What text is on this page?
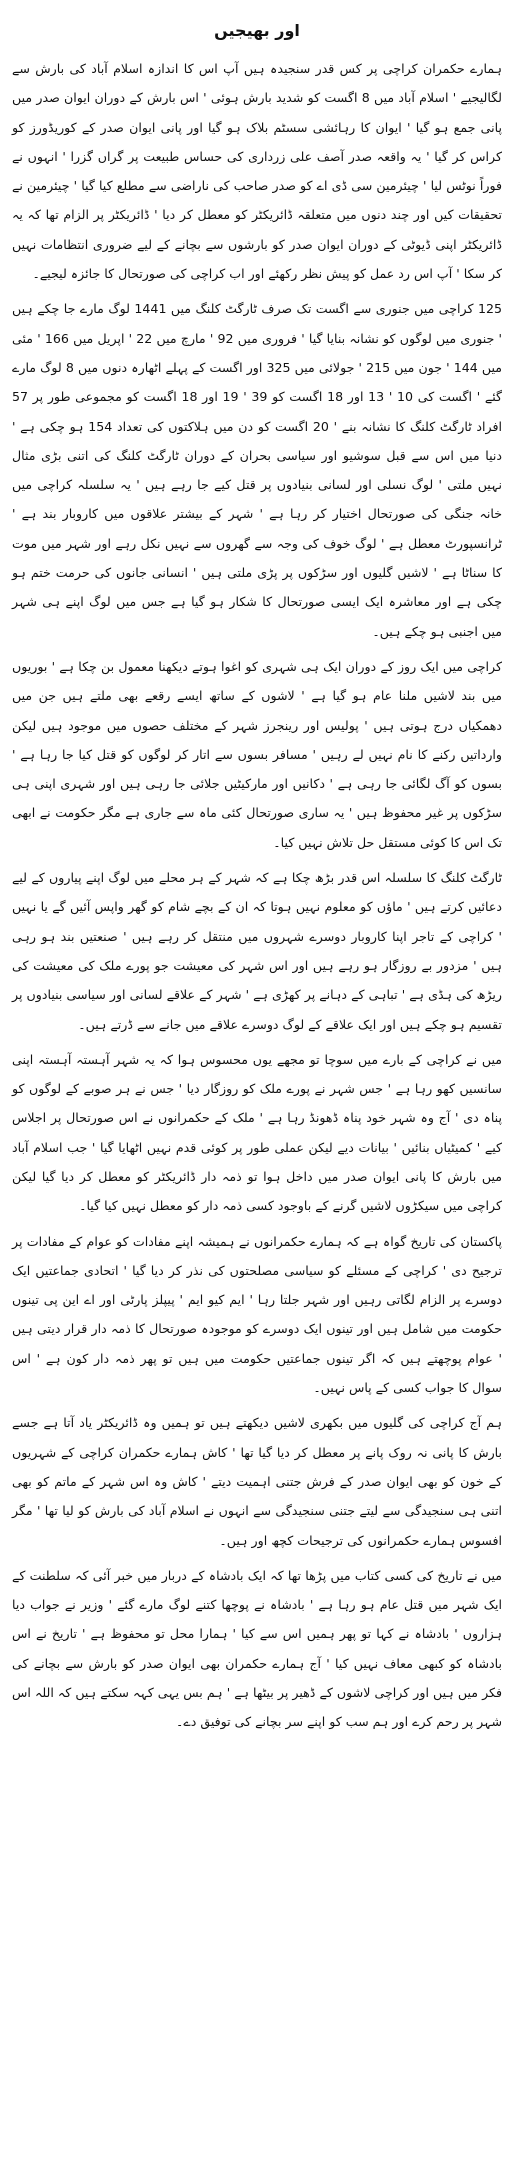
اور بھیجیں

ہمارے حکمران کراچی پر کس قدر سنجیدہ ہیں آپ اس کا اندازہ اسلام آباد کی بارش سے لگالیجیے ' اسلام آباد میں 8 اگست کو شدید بارش ہوئی ' اس بارش کے دوران ایوان صدر میں پانی جمع ہو گیا ' ایوان کا رہائشی سسٹم بلاک ہو گیا اور پانی ایوان صدر کے کوریڈورز کو کراس کر گیا ' یہ واقعہ صدر آصف علی زرداری کی حساس طبیعت پر گراں گزرا ' انہوں نے فوراً نوٹس لیا ' چیئرمین سی ڈی اے کو صدر صاحب کی ناراضی سے مطلع کیا گیا ' چیئرمین نے تحقیقات کیں اور چند دنوں میں متعلقہ ڈائریکٹر کو معطل کر دیا ' ڈائریکٹر پر الزام تھا کہ یہ ڈائریکٹر اپنی ڈیوٹی کے دوران ایوان صدر کو بارشوں سے بچانے کے لیے ضروری انتظامات نہیں کر سکا ' آپ اس رد عمل کو پیش نظر رکھئے اور اب کراچی کی صورتحال کا جائزہ لیجیے۔

125 کراچی میں جنوری سے اگست تک صرف ٹارگٹ کلنگ میں 1441 لوگ مارے جا چکے ہیں ' جنوری میں لوگوں کو نشانہ بنایا گیا ' فروری میں 92 ' مارچ میں 22 ' اپریل میں 166 ' مئی میں 144 ' جون میں 215 ' جولائی میں 325 اور اگست کے پہلے اٹھارہ دنوں میں 8 لوگ مارے گئے ' اگست کی 10 ' 13 اور 18 اگست کو 39 ' 19 اور 18 اگست کو مجموعی طور پر 57 افراد ٹارگٹ کلنگ کا نشانہ بنے ' 20 اگست کو دن میں ہلاکتوں کی تعداد 154 ہو چکی ہے ' دنیا میں اس سے قبل سوشیو اور سیاسی بحران کے دوران ٹارگٹ کلنگ کی اتنی بڑی مثال نہیں ملتی ' لوگ نسلی اور لسانی بنیادوں پر قتل کیے جا رہے ہیں ' یہ سلسلہ کراچی میں خانہ جنگی کی صورتحال اختیار کر رہا ہے ' شہر کے بیشتر علاقوں میں کاروبار بند ہے ' ٹرانسپورٹ معطل ہے ' لوگ خوف کی وجہ سے گھروں سے نہیں نکل رہے اور شہر میں موت کا سناٹا ہے ' لاشیں گلیوں اور سڑکوں پر پڑی ملتی ہیں ' انسانی جانوں کی حرمت ختم ہو چکی ہے اور معاشرہ ایک ایسی صورتحال کا شکار ہو گیا ہے جس میں لوگ اپنے ہی شہر میں اجنبی ہو چکے ہیں۔

کراچی میں ایک روز کے دوران ایک ہی شہری کو اغوا ہوتے دیکھنا معمول بن چکا ہے ' بوریوں میں بند لاشیں ملنا عام ہو گیا ہے ' لاشوں کے ساتھ ایسے رقعے بھی ملتے ہیں جن میں دھمکیاں درج ہوتی ہیں ' پولیس اور رینجرز شہر کے مختلف حصوں میں موجود ہیں لیکن وارداتیں رکنے کا نام نہیں لے رہیں ' مسافر بسوں سے اتار کر لوگوں کو قتل کیا جا رہا ہے ' بسوں کو آگ لگائی جا رہی ہے ' دکانیں اور مارکیٹیں جلائی جا رہی ہیں اور شہری اپنی ہی سڑکوں پر غیر محفوظ ہیں ' یہ ساری صورتحال کئی ماہ سے جاری ہے مگر حکومت نے ابھی تک اس کا کوئی مستقل حل تلاش نہیں کیا۔

ٹارگٹ کلنگ کا سلسلہ اس قدر بڑھ چکا ہے کہ شہر کے ہر محلے میں لوگ اپنے پیاروں کے لیے دعائیں کرتے ہیں ' ماؤں کو معلوم نہیں ہوتا کہ ان کے بچے شام کو گھر واپس آئیں گے یا نہیں ' کراچی کے تاجر اپنا کاروبار دوسرے شہروں میں منتقل کر رہے ہیں ' صنعتیں بند ہو رہی ہیں ' مزدور بے روزگار ہو رہے ہیں اور اس شہر کی معیشت جو پورے ملک کی معیشت کی ریڑھ کی ہڈی ہے ' تباہی کے دہانے پر کھڑی ہے ' شہر کے علاقے لسانی اور سیاسی بنیادوں پر تقسیم ہو چکے ہیں اور ایک علاقے کے لوگ دوسرے علاقے میں جانے سے ڈرتے ہیں۔

میں نے کراچی کے بارے میں سوچا تو مجھے یوں محسوس ہوا کہ یہ شہر آہستہ آہستہ اپنی سانسیں کھو رہا ہے ' جس شہر نے پورے ملک کو روزگار دیا ' جس نے ہر صوبے کے لوگوں کو پناہ دی ' آج وہ شہر خود پناہ ڈھونڈ رہا ہے ' ملک کے حکمرانوں نے اس صورتحال پر اجلاس کیے ' کمیٹیاں بنائیں ' بیانات دیے لیکن عملی طور پر کوئی قدم نہیں اٹھایا گیا ' جب اسلام آباد میں بارش کا پانی ایوان صدر میں داخل ہوا تو ذمہ دار ڈائریکٹر کو معطل کر دیا گیا لیکن کراچی میں سیکڑوں لاشیں گرنے کے باوجود کسی ذمہ دار کو معطل نہیں کیا گیا۔

پاکستان کی تاریخ گواہ ہے کہ ہمارے حکمرانوں نے ہمیشہ اپنے مفادات کو عوام کے مفادات پر ترجیح دی ' کراچی کے مسئلے کو سیاسی مصلحتوں کی نذر کر دیا گیا ' اتحادی جماعتیں ایک دوسرے پر الزام لگاتی رہیں اور شہر جلتا رہا ' ایم کیو ایم ' پیپلز پارٹی اور اے این پی تینوں حکومت میں شامل ہیں اور تینوں ایک دوسرے کو موجودہ صورتحال کا ذمہ دار قرار دیتی ہیں ' عوام پوچھتے ہیں کہ اگر تینوں جماعتیں حکومت میں ہیں تو پھر ذمہ دار کون ہے ' اس سوال کا جواب کسی کے پاس نہیں۔

ہم آج کراچی کی گلیوں میں بکھری لاشیں دیکھتے ہیں تو ہمیں وہ ڈائریکٹر یاد آتا ہے جسے بارش کا پانی نہ روک پانے پر معطل کر دیا گیا تھا ' کاش ہمارے حکمران کراچی کے شہریوں کے خون کو بھی ایوان صدر کے فرش جتنی اہمیت دیتے ' کاش وہ اس شہر کے ماتم کو بھی اتنی ہی سنجیدگی سے لیتے جتنی سنجیدگی سے انہوں نے اسلام آباد کی بارش کو لیا تھا ' مگر افسوس ہمارے حکمرانوں کی ترجیحات کچھ اور ہیں۔

میں نے تاریخ کی کسی کتاب میں پڑھا تھا کہ ایک بادشاہ کے دربار میں خبر آئی کہ سلطنت کے ایک شہر میں قتل عام ہو رہا ہے ' بادشاہ نے پوچھا کتنے لوگ مارے گئے ' وزیر نے جواب دیا ہزاروں ' بادشاہ نے کہا تو پھر ہمیں اس سے کیا ' ہمارا محل تو محفوظ ہے ' تاریخ نے اس بادشاہ کو کبھی معاف نہیں کیا ' آج ہمارے حکمران بھی ایوان صدر کو بارش سے بچانے کی فکر میں ہیں اور کراچی لاشوں کے ڈھیر پر بیٹھا ہے ' ہم بس یہی کہہ سکتے ہیں کہ اللہ اس شہر پر رحم کرے اور ہم سب کو اپنے سر بچانے کی توفیق دے۔
